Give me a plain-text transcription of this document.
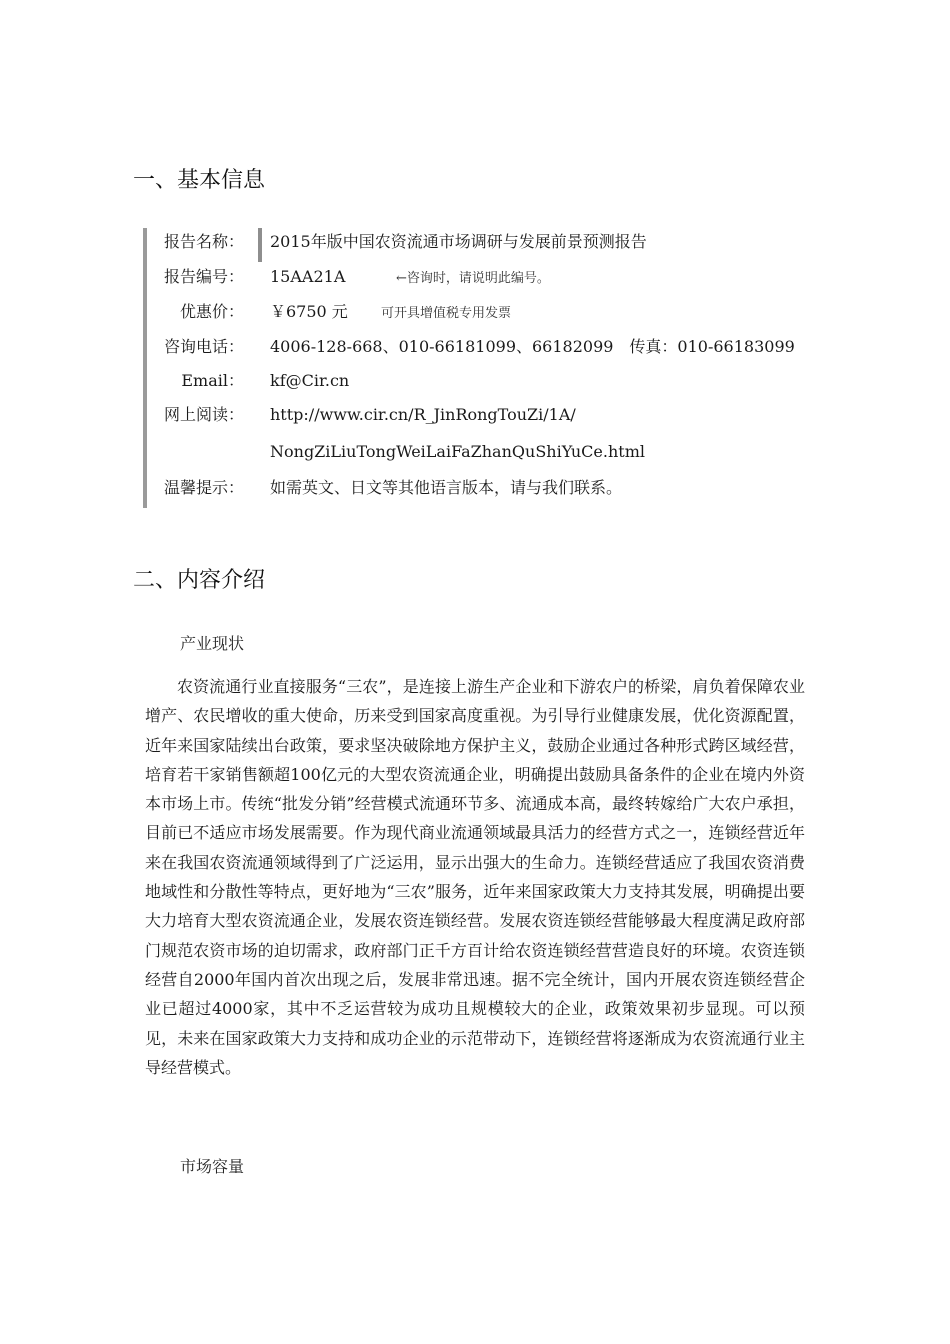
一、基本信息
报告名称： 2015年版中国农资流通市场调研与发展前景预测报告
报告编号： 15AA21A	←咨询时，请说明此编号。
优惠价： ￥6750 元	可开具增值税专用发票
咨询电话： 4006-128-668、010-66181099、66182099　传真：010-66183099
Email： kf@Cir.cn
网上阅读： http://www.cir.cn/R_JinRongTouZi/1A/
NongZiLiuTongWeiLaiFaZhanQuShiYuCe.html
温馨提示： 如需英文、日文等其他语言版本，请与我们联系。
二、内容介绍
产业现状

农资流通行业直接服务“三农”，是连接上游生产企业和下游农户的桥梁，肩负着保障农业增产、农民增收的重大使命，历来受到国家高度重视。为引导行业健康发展，优化资源配置，近年来国家陆续出台政策，要求坚决破除地方保护主义，鼓励企业通过各种形式跨区域经营，培育若干家销售额超100亿元的大型农资流通企业，明确提出鼓励具备条件的企业在境内外资本市场上市。传统“批发分销”经营模式流通环节多、流通成本高，最终转嫁给广大农户承担，目前已不适应市场发展需要。作为现代商业流通领域最具活力的经营方式之一，连锁经营近年来在我国农资流通领域得到了广泛运用，显示出强大的生命力。连锁经营适应了我国农资消费地域性和分散性等特点，更好地为“三农”服务，近年来国家政策大力支持其发展，明确提出要大力培育大型农资流通企业，发展农资连锁经营。发展农资连锁经营能够最大程度满足政府部门规范农资市场的迫切需求，政府部门正千方百计给农资连锁经营营造良好的环境。农资连锁经营自2000年国内首次出现之后，发展非常迅速。据不完全统计，国内开展农资连锁经营企业已超过4000家，其中不乏运营较为成功且规模较大的企业，政策效果初步显现。可以预见，未来在国家政策大力支持和成功企业的示范带动下，连锁经营将逐渐成为农资流通行业主导经营模式。

市场容量
